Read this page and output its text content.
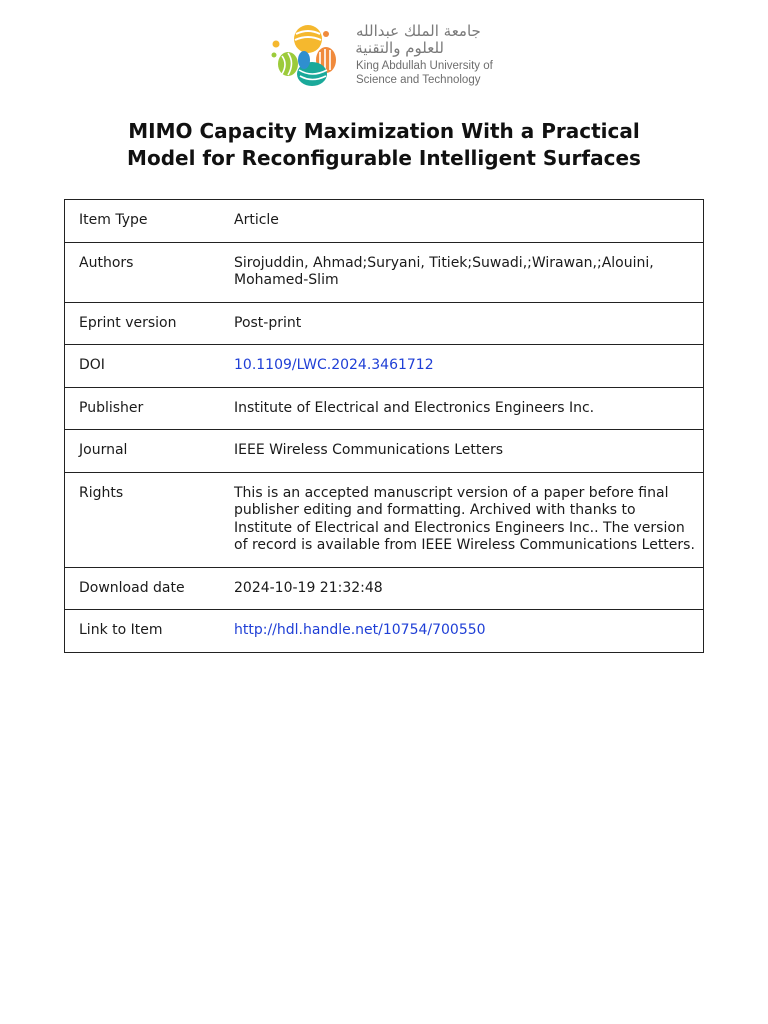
جامعة الملك عبدالله
للعلوم والتقنية
King Abdullah University of
Science and Technology
MIMO Capacity Maximization With a Practical
Model for Reconfigurable Intelligent Surfaces
Item Type	Article
Authors	Sirojuddin, Ahmad;Suryani, Titiek;Suwadi,;Wirawan,;Alouini, Mohamed-Slim
Eprint version	Post-print
DOI	10.1109/LWC.2024.3461712
Publisher	Institute of Electrical and Electronics Engineers Inc.
Journal	IEEE Wireless Communications Letters
Rights	This is an accepted manuscript version of a paper before final publisher editing and formatting. Archived with thanks to Institute of Electrical and Electronics Engineers Inc.. The version of record is available from IEEE Wireless Communications Letters.
Download date	2024-10-19 21:32:48
Link to Item	http://hdl.handle.net/10754/700550
